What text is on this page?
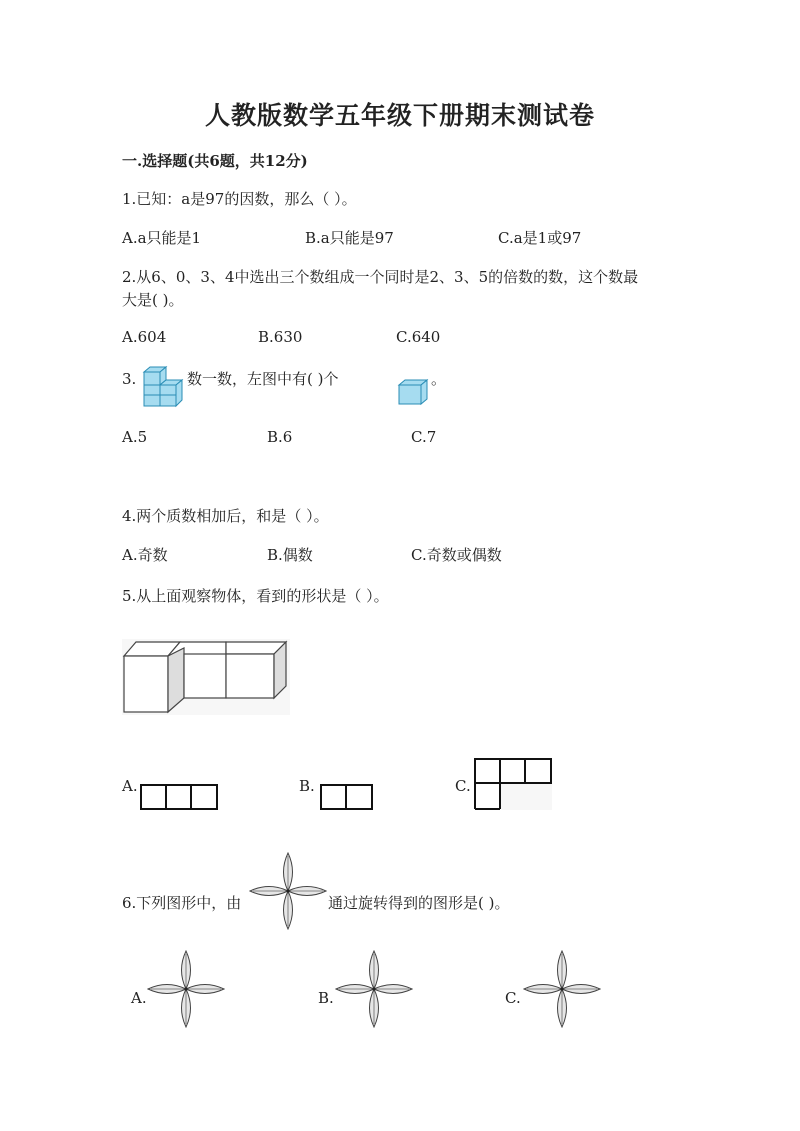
人教版数学五年级下册期末测试卷
一.选择题(共6题，共12分)
1.已知：a是97的因数，那么（ ）。
A.a只能是1	B.a只能是97	C.a是1或97
2.从6、0、3、4中选出三个数组成一个同时是2、3、5的倍数的数，这个数最
大是( )。
A.604	B.630	C.640
3.	数一数，左图中有( )个	。
A.5	B.6	C.7
4.两个质数相加后，和是（ ）。
A.奇数	B.偶数	C.奇数或偶数
5.从上面观察物体，看到的形状是（ ）。
A.	B.	C.
6.下列图形中，由	通过旋转得到的图形是( )。
A.	B.	C.
